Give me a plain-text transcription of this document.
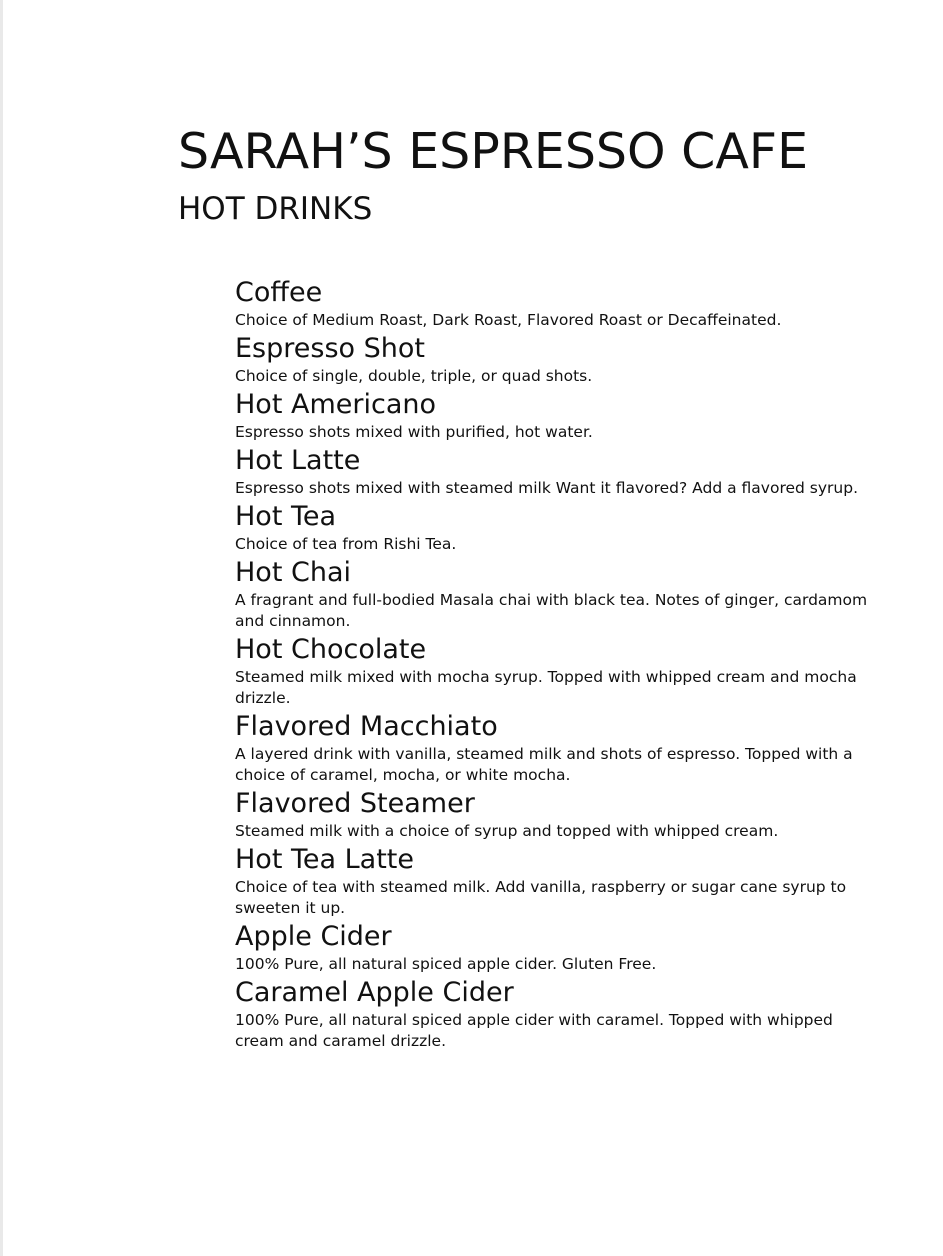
SARAH’S ESPRESSO CAFE
HOT DRINKS
Coffee
Choice of Medium Roast, Dark Roast, Flavored Roast or Decaffeinated.
Espresso Shot
Choice of single, double, triple, or quad shots.
Hot Americano
Espresso shots mixed with purified, hot water.
Hot Latte
Espresso shots mixed with steamed milk Want it flavored? Add a flavored syrup.
Hot Tea
Choice of tea from Rishi Tea.
Hot Chai
A fragrant and full-bodied Masala chai with black tea. Notes of ginger, cardamom and cinnamon.
Hot Chocolate
Steamed milk mixed with mocha syrup. Topped with whipped cream and mocha drizzle.
Flavored Macchiato
A layered drink with vanilla, steamed milk and shots of espresso. Topped with a choice of caramel, mocha, or white mocha.
Flavored Steamer
Steamed milk with a choice of syrup and topped with whipped cream.
Hot Tea Latte
Choice of tea with steamed milk. Add vanilla, raspberry or sugar cane syrup to sweeten it up.
Apple Cider
100% Pure, all natural spiced apple cider. Gluten Free.
Caramel Apple Cider
100% Pure, all natural spiced apple cider with caramel. Topped with whipped cream and caramel drizzle.
